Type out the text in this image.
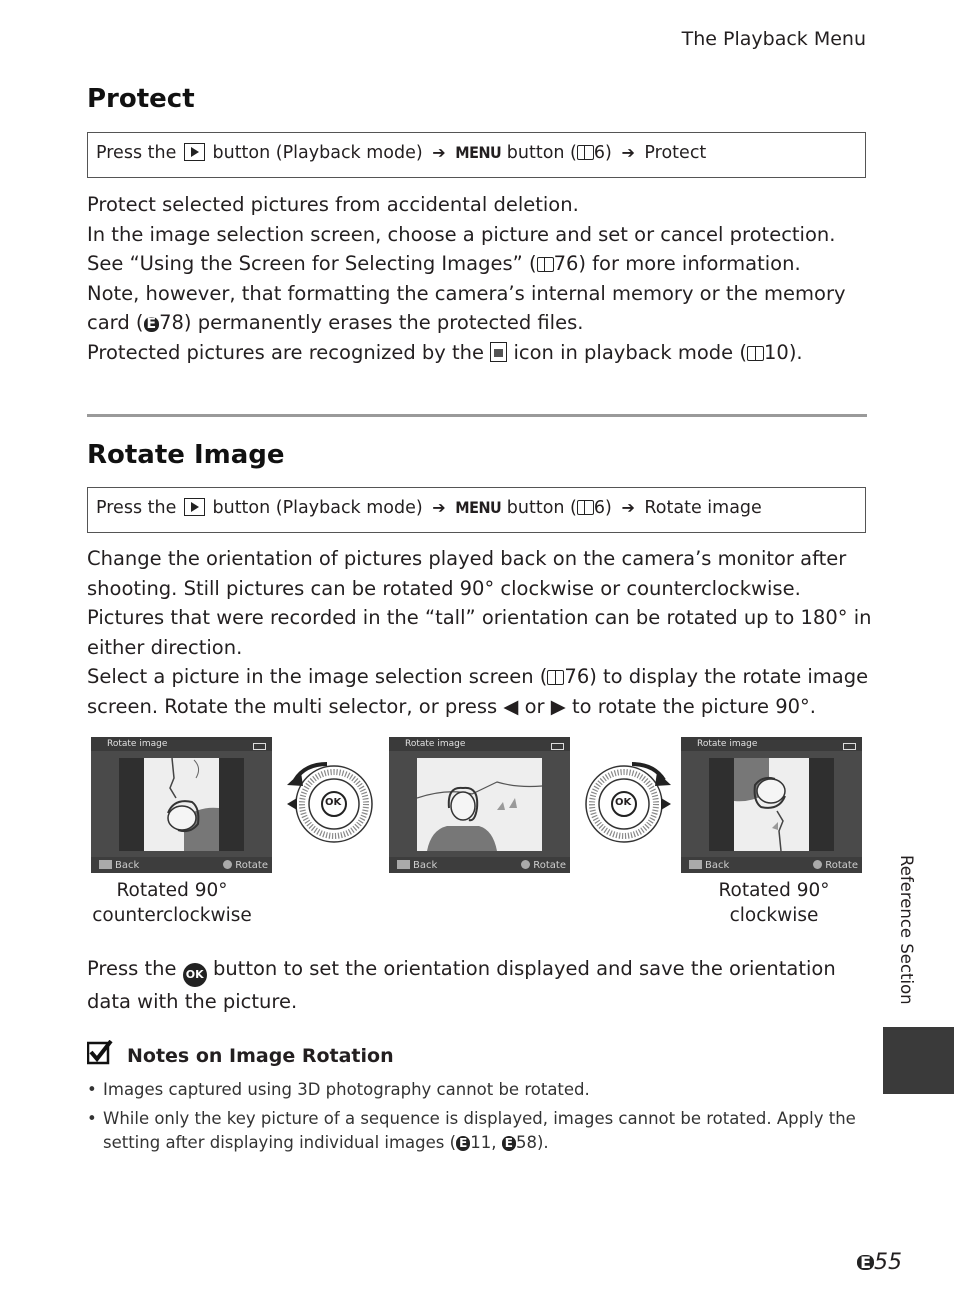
The Playback Menu
Protect
Press the button (Playback mode) ➔ MENU button ( 6) ➔ Protect

Protect selected pictures from accidental deletion.

In the image selection screen, choose a picture and set or cancel protection. See “Using the Screen for Selecting Images” ( 76) for more information.

Note, however, that formatting the camera’s internal memory or the memory card ( E 78) permanently erases the protected files.

Protected pictures are recognized by the icon in playback mode ( 10).

Rotate Image
Press the button (Playback mode) ➔ MENU button ( 6) ➔ Rotate image

Change the orientation of pictures played back on the camera’s monitor after shooting. Still pictures can be rotated 90° clockwise or counterclockwise.

Pictures that were recorded in the “tall” orientation can be rotated up to 180° in either direction.

Select a picture in the image selection screen ( 76) to display the rotate image screen. Rotate the multi selector, or press ◀ or ▶ to rotate the picture 90°.

Rotate image
Back	Rotate
OK
Rotate image
Back	Rotate
OK
Rotate image
Back	Rotate
Rotated 90°
counterclockwise
Rotated 90°
clockwise

Press the OK button to set the orientation displayed and save the orientation data with the picture.

Notes on Image Rotation
• Images captured using 3D photography cannot be rotated.
• While only the key picture of a sequence is displayed, images cannot be rotated. Apply the setting after displaying individual images ( E 11, E 58).
Reference Section
E 55
